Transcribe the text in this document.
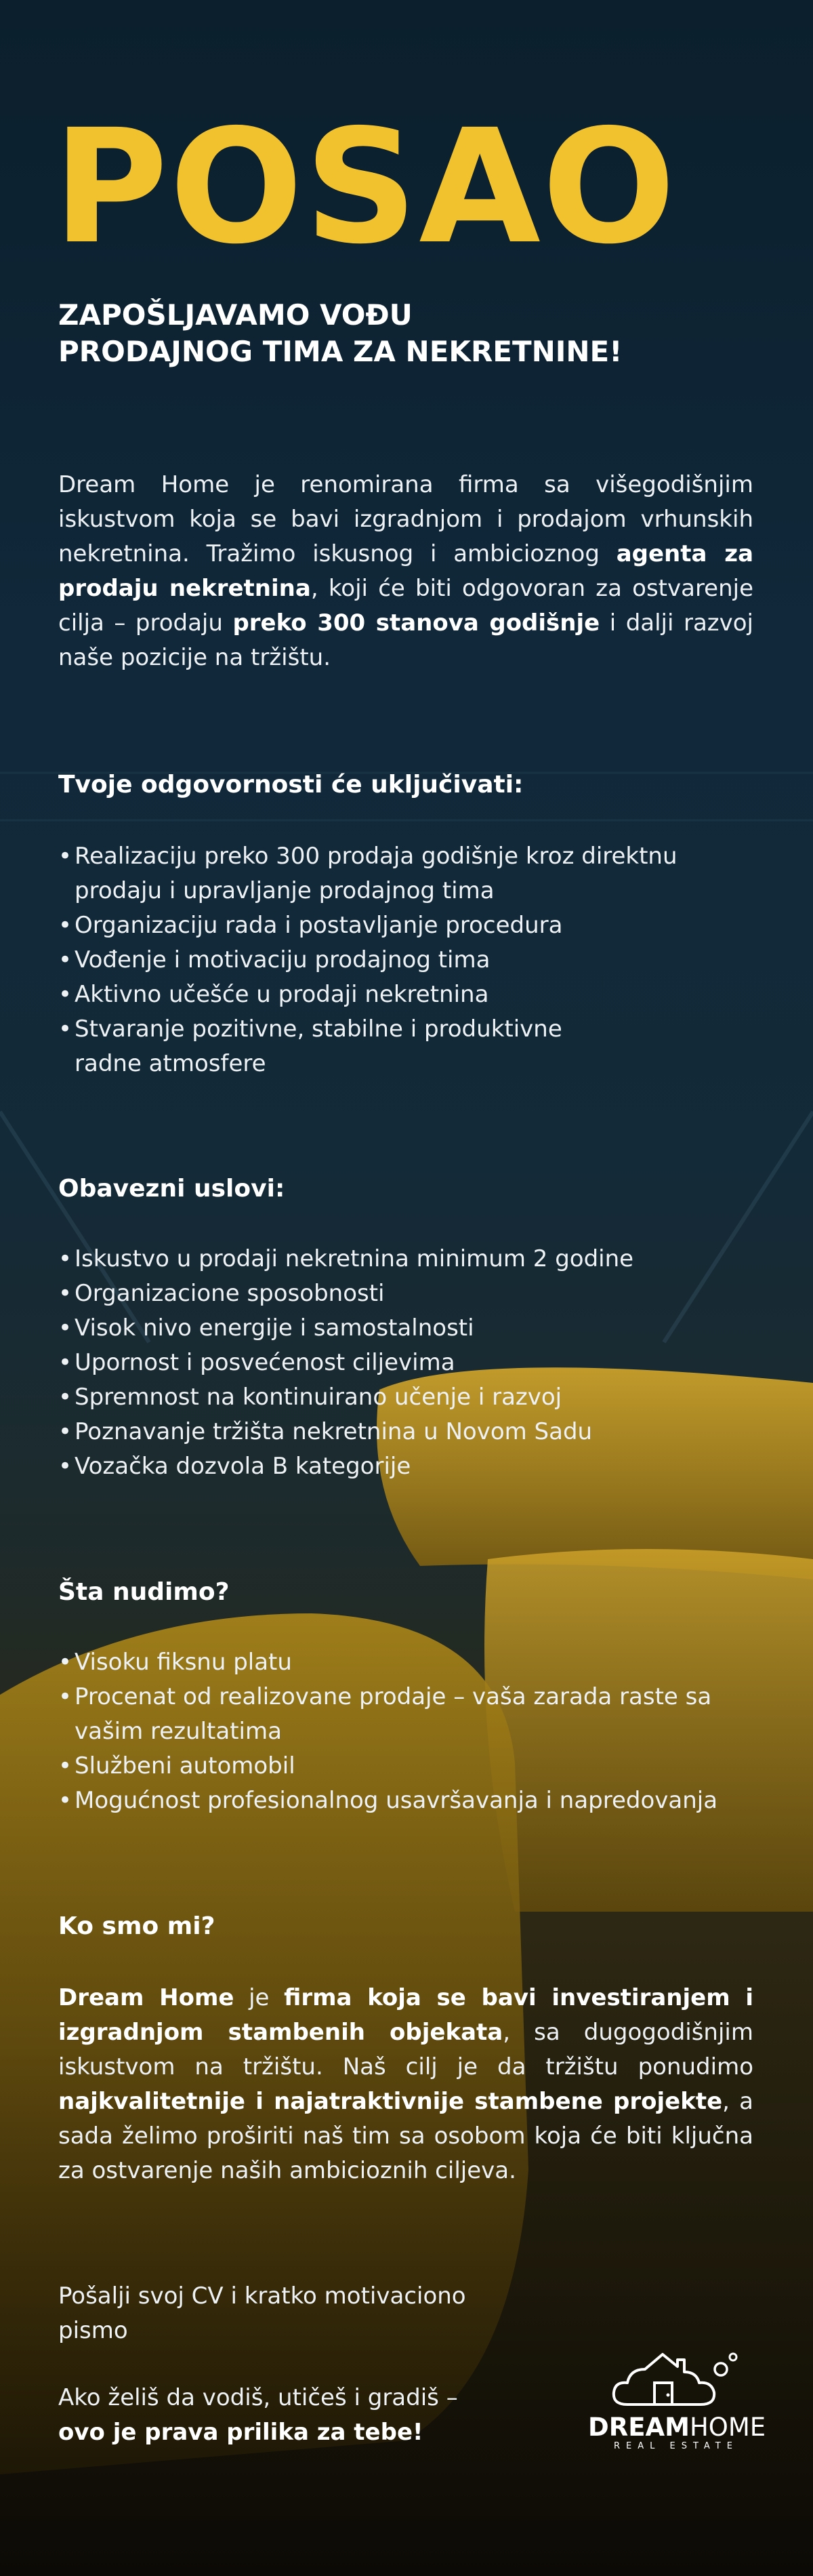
POSAO
ZAPOŠLJAVAMO VOĐU
PRODAJNOG TIMA ZA NEKRETNINE!

Dream Home je renomirana firma sa višegodišnjim iskustvom koja se bavi izgradnjom i prodajom vrhunskih nekretnina. Tražimo iskusnog i ambicioznog agenta za prodaju nekretnina, koji će biti odgovoran za ostvarenje cilja – prodaju preko 300 stanova godišnje i dalji razvoj naše pozicije na tržištu.

Tvoje odgovornosti će uključivati:
• Realizaciju preko 300 prodaja godišnje kroz direktnu prodaju i upravljanje prodajnog tima
• Organizaciju rada i postavljanje procedura
• Vođenje i motivaciju prodajnog tima
• Aktivno učešće u prodaji nekretnina
• Stvaranje pozitivne, stabilne i produktivne radne atmosfere
Obavezni uslovi:
• Iskustvo u prodaji nekretnina minimum 2 godine
• Organizacione sposobnosti
• Visok nivo energije i samostalnosti
• Upornost i posvećenost ciljevima
• Spremnost na kontinuirano učenje i razvoj
• Poznavanje tržišta nekretnina u Novom Sadu
• Vozačka dozvola B kategorije
Šta nudimo?
• Visoku fiksnu platu
• Procenat od realizovane prodaje – vaša zarada raste sa vašim rezultatima
• Službeni automobil
• Mogućnost profesionalnog usavršavanja i napredovanja
Ko smo mi?

Dream Home je firma koja se bavi investiranjem i izgradnjom stambenih objekata, sa dugogodišnjim iskustvom na tržištu. Naš cilj je da tržištu ponudimo najkvalitetnije i najatraktivnije stambene projekte, a sada želimo proširiti naš tim sa osobom koja će biti ključna za ostvarenje naših ambicioznih ciljeva.

Pošalji svoj CV i kratko motivaciono pismo

Ako želiš da vodiš, utičeš i gradiš –
ovo je prava prilika za tebe!	DREAMHOME
REAL ESTATE
